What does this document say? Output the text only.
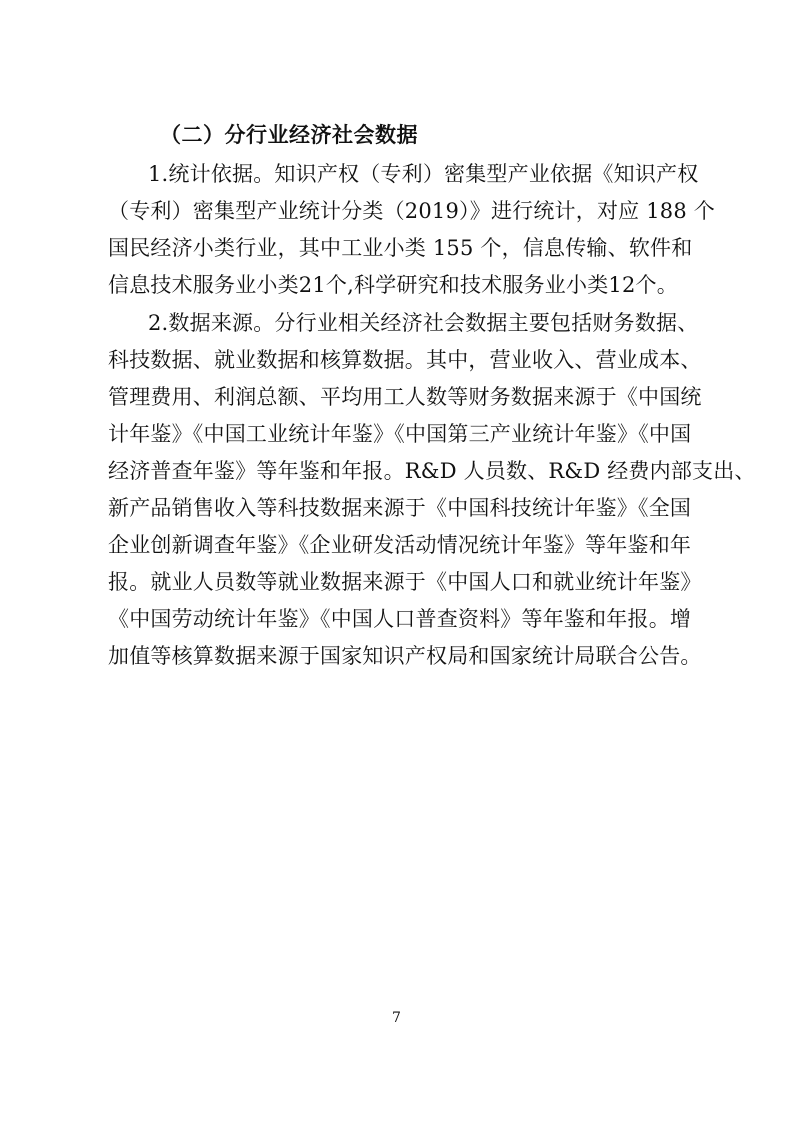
（二）分行业经济社会数据
1.统计依据。知识产权（专利）密集型产业依据《知识产权
（专利）密集型产业统计分类（2019）》进行统计，对应 188 个
国民经济小类行业，其中工业小类 155 个，信息传输、软件和
信息技术服务业小类21个,科学研究和技术服务业小类12个。
2.数据来源。分行业相关经济社会数据主要包括财务数据、
科技数据、就业数据和核算数据。其中，营业收入、营业成本、
管理费用、利润总额、平均用工人数等财务数据来源于《中国统
计年鉴》《中国工业统计年鉴》《中国第三产业统计年鉴》《中国
经济普查年鉴》等年鉴和年报。R&D 人员数、R&D 经费内部支出、
新产品销售收入等科技数据来源于《中国科技统计年鉴》《全国
企业创新调查年鉴》《企业研发活动情况统计年鉴》等年鉴和年
报。就业人员数等就业数据来源于《中国人口和就业统计年鉴》
《中国劳动统计年鉴》《中国人口普查资料》等年鉴和年报。增
加值等核算数据来源于国家知识产权局和国家统计局联合公告。
7
